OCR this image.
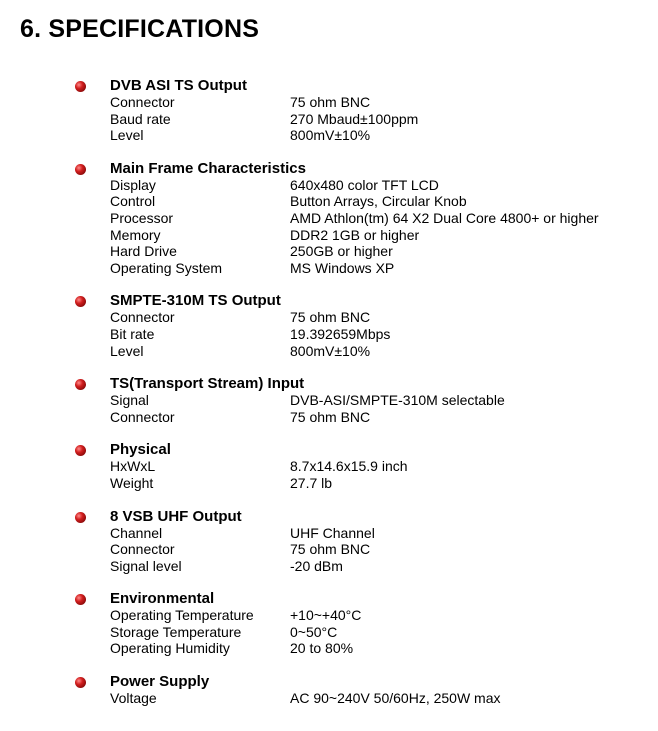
6. SPECIFICATIONS
DVB ASI TS Output
Connector	75 ohm BNC
Baud rate	270 Mbaud±100ppm
Level	800mV±10%
Main Frame Characteristics
Display	640x480 color TFT LCD
Control	Button Arrays, Circular Knob
Processor	AMD Athlon(tm) 64 X2 Dual Core 4800+ or higher
Memory	DDR2 1GB or higher
Hard Drive	250GB or higher
Operating System	MS Windows XP
SMPTE-310M TS Output
Connector	75 ohm BNC
Bit rate	19.392659Mbps
Level	800mV±10%
TS(Transport Stream) Input
Signal	DVB-ASI/SMPTE-310M selectable
Connector	75 ohm BNC
Physical
HxWxL	8.7x14.6x15.9 inch
Weight	27.7 lb
8 VSB UHF Output
Channel	UHF Channel
Connector	75 ohm BNC
Signal level	-20 dBm
Environmental
Operating Temperature	+10~+40°C
Storage Temperature	0~50°C
Operating Humidity	20 to 80%
Power Supply
Voltage	AC 90~240V 50/60Hz, 250W max
